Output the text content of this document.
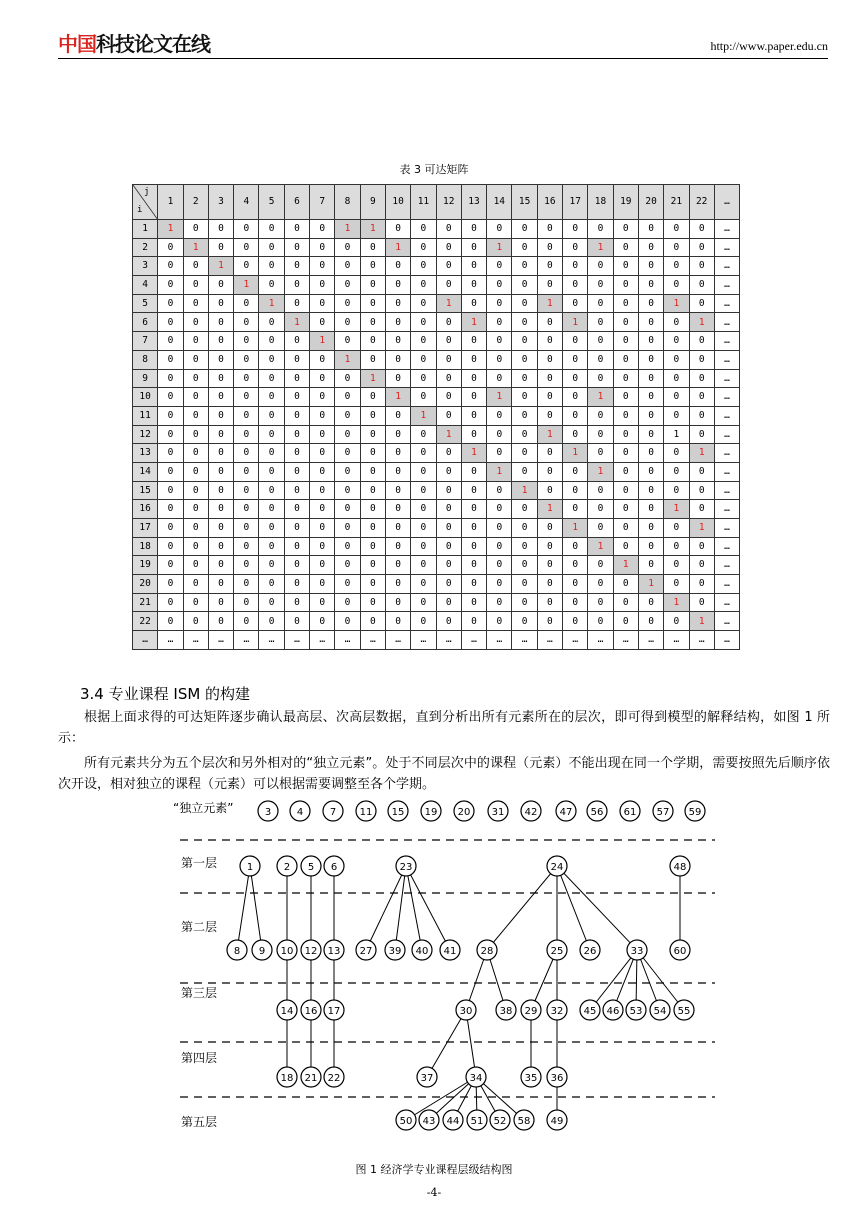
中国科技论文在线	http://www.paper.edu.cn
表 3 可达矩阵
j
i	1	2	3	4	5	6	7	8	9	10	11	12	13	14	15	16	17	18	19	20	21	22	…
1	1	0	0	0	0	0	0	1	1	0	0	0	0	0	0	0	0	0	0	0	0	0	…
2	0	1	0	0	0	0	0	0	0	1	0	0	0	1	0	0	0	1	0	0	0	0	…
3	0	0	1	0	0	0	0	0	0	0	0	0	0	0	0	0	0	0	0	0	0	0	…
4	0	0	0	1	0	0	0	0	0	0	0	0	0	0	0	0	0	0	0	0	0	0	…
5	0	0	0	0	1	0	0	0	0	0	0	1	0	0	0	1	0	0	0	0	1	0	…
6	0	0	0	0	0	1	0	0	0	0	0	0	1	0	0	0	1	0	0	0	0	1	…
7	0	0	0	0	0	0	1	0	0	0	0	0	0	0	0	0	0	0	0	0	0	0	…
8	0	0	0	0	0	0	0	1	0	0	0	0	0	0	0	0	0	0	0	0	0	0	…
9	0	0	0	0	0	0	0	0	1	0	0	0	0	0	0	0	0	0	0	0	0	0	…
10	0	0	0	0	0	0	0	0	0	1	0	0	0	1	0	0	0	1	0	0	0	0	…
11	0	0	0	0	0	0	0	0	0	0	1	0	0	0	0	0	0	0	0	0	0	0	…
12	0	0	0	0	0	0	0	0	0	0	0	1	0	0	0	1	0	0	0	0	1	0	…
13	0	0	0	0	0	0	0	0	0	0	0	0	1	0	0	0	1	0	0	0	0	1	…
14	0	0	0	0	0	0	0	0	0	0	0	0	0	1	0	0	0	1	0	0	0	0	…
15	0	0	0	0	0	0	0	0	0	0	0	0	0	0	1	0	0	0	0	0	0	0	…
16	0	0	0	0	0	0	0	0	0	0	0	0	0	0	0	1	0	0	0	0	1	0	…
17	0	0	0	0	0	0	0	0	0	0	0	0	0	0	0	0	1	0	0	0	0	1	…
18	0	0	0	0	0	0	0	0	0	0	0	0	0	0	0	0	0	1	0	0	0	0	…
19	0	0	0	0	0	0	0	0	0	0	0	0	0	0	0	0	0	0	1	0	0	0	…
20	0	0	0	0	0	0	0	0	0	0	0	0	0	0	0	0	0	0	0	1	0	0	…
21	0	0	0	0	0	0	0	0	0	0	0	0	0	0	0	0	0	0	0	0	1	0	…
22	0	0	0	0	0	0	0	0	0	0	0	0	0	0	0	0	0	0	0	0	0	1	…
…	…	…	…	…	…	…	…	…	…	…	…	…	…	…	…	…	…	…	…	…	…	…	…
3.4 专业课程 ISM 的构建
根据上面求得的可达矩阵逐步确认最高层、次高层数据，直到分析出所有元素所在的层次，即可得到模型的解释结构，如图 1 所示：
所有元素共分为五个层次和另外相对的“独立元素”。处于不同层次中的课程（元素）不能出现在同一个学期，需要按照先后顺序依次开设，相对独立的课程（元素）可以根据需要调整至各个学期。
第一层
第二层
第三层
第四层
第五层
“独立元素”	3	4	7 11 15 19 20 31 42 47 56 61 57 59
1	2 5 6	23	24	48
8 9 10 12 13	25 26
27	28	33
39 40 41	60
14 16 17	29
30	32
38	45 46 53 54 55
18 21 22	34	35 36
37
43 44	49
50	51 52 58
图 1 经济学专业课程层级结构图
-4-
